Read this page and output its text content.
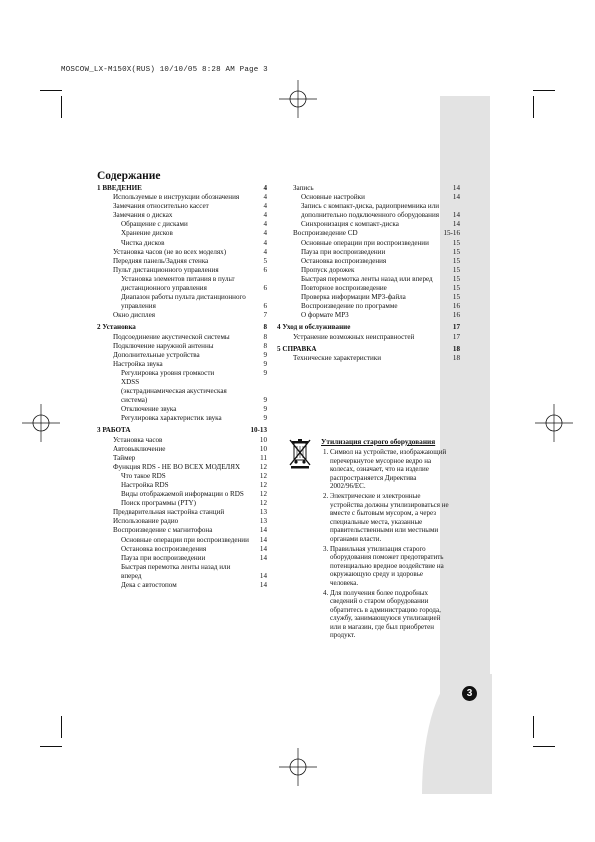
MOSCOW_LX-M150X(RUS) 10/10/05 8:28 AM Page 3
3
Содержание
1 ВВЕДЕНИЕ	4
Используемые в инструкции обозначения	4
Замечания относительно кассет	4
Замечания о дисках	4
Обращение с дисками	4
Хранение дисков	4
Чистка дисков	4
Установка часов (не во всех моделях)	4
Передняя панель/Задняя стенка	5
Пульт дистанционного управления	6
Установка элементов питания в пульт дистанционного управления	6
Диапазон работы пульта дистанционного управления	6
Окно дисплея	7
2 Установка	8
Подсоединение акустической системы	8
Подключение наружной антенны	8
Дополнительные устройства	9
Настройка звука	9
Регулировка уровня громкости	9
XDSS
(экстрадинамическая акустическая система)	9
Отключение звука	9
Регулировка характеристик звука	9
3 РАБОТА	10-13
Установка часов	10
Автовыключение	10
Таймер	11
Функция RDS - НЕ ВО ВСЕХ МОДЕЛЯХ	12
Что такое RDS	12
Настройка RDS	12
Виды отображаемой информации о RDS 12
Поиск программы (PTY)	12
Предварительная настройка станций	13
Использование радио	13
Воспроизведение с магнитофона	14
Основные операции при воспроизведении 14
Остановка воспроизведения	14
Пауза при воспроизведении	14
Быстрая перемотка ленты назад или вперед	14
Дека с автостопом	14
Запись	14
Основные настройки	14
Запись с компакт-диска, радиоприемника или дополнительно подключенного оборудования 14
Синхронизация с компакт-диска	14
Воспроизведение CD	15-16
Основные операции при воспроизведении	15
Пауза при воспроизведении	15
Остановка воспроизведения	15
Пропуск дорожек	15
Быстрая перемотка ленты назад или вперед	15
Повторное воспроизведение	15
Проверка информации MP3-файла	15
Воспроизведение по программе	16
О формате MP3	16
4 Уход и обслуживание	17
Устранение возможных неисправностей	17
5 СПРАВКА	18
Технические характеристики	18
Утилизация старого оборудования
1. Символ на устройстве, изображающий перечеркнутое мусорное ведро на колесах, означает, что на изделие распространяется Директива 2002/96/EC.
2. Электрические и электронные устройства должны утилизироваться не вместе с бытовым мусором, а через специальные места, указанные правительственными или местными органами власти.
3. Правильная утилизация старого оборудования поможет предотвратить потенциально вредное воздействие на окружающую среду и здоровье человека.
4. Для получения более подробных сведений о старом оборудовании обратитесь в администрацию города, службу, занимающуюся утилизацией или в магазин, где был приобретен продукт.
